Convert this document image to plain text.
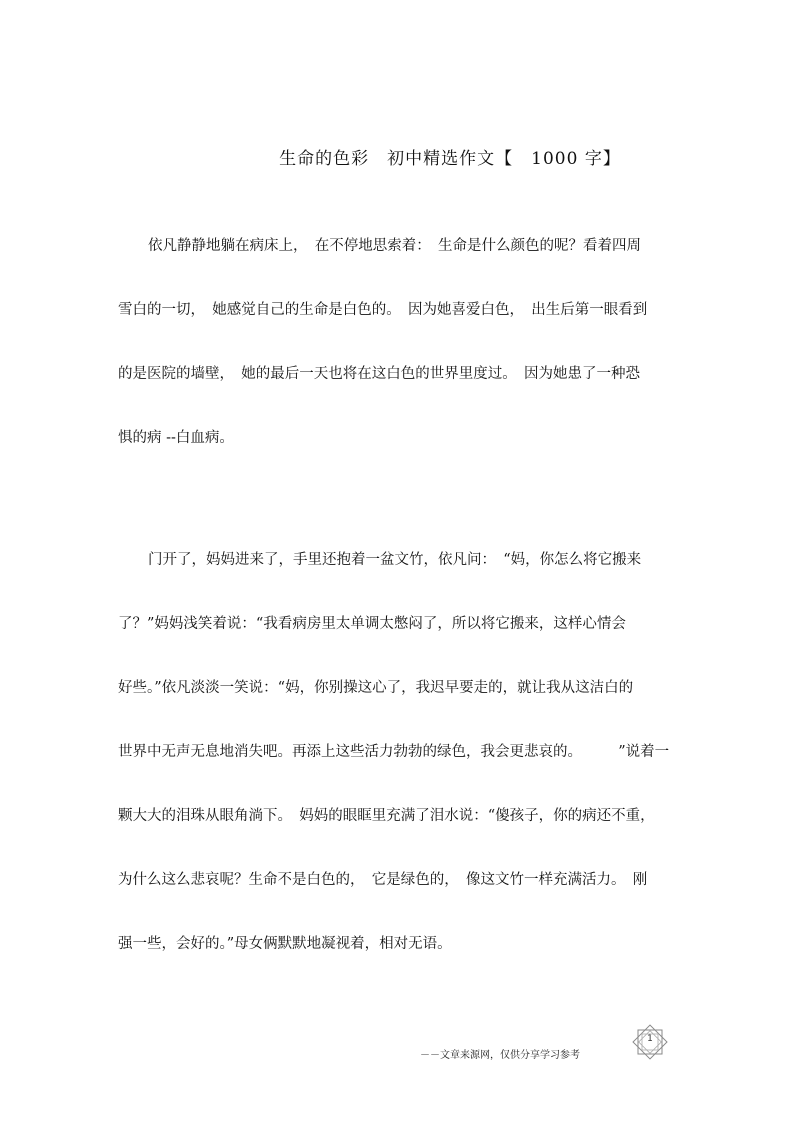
生命的色彩　初中精选作文【　1000 字】
依凡静静地躺在病床上，　在不停地思索着：　生命是什么颜色的呢？看着四周
雪白的一切，　她感觉自己的生命是白色的。　因为她喜爱白色，　出生后第一眼看到
的是医院的墙壁，　她的最后一天也将在这白色的世界里度过。　因为她患了一种恐
惧的病 --白血病。
门开了，妈妈进来了，手里还抱着一盆文竹，依凡问：　“妈，你怎么将它搬来
了？”妈妈浅笑着说：“我看病房里太单调太憋闷了，所以将它搬来，这样心情会
好些。”依凡淡淡一笑说：“妈，你别操这心了，我迟早要走的，就让我从这洁白的
世界中无声无息地消失吧。再添上这些活力勃勃的绿色，我会更悲哀的。　　　”说着一
颗大大的泪珠从眼角淌下。　妈妈的眼眶里充满了泪水说：“傻孩子，你的病还不重，
为什么这么悲哀呢？生命不是白色的，　它是绿色的，　像这文竹一样充满活力。　刚
强一些，会好的。”母女俩默默地凝视着，相对无语。
1
－－文章来源网，仅供分享学习参考
